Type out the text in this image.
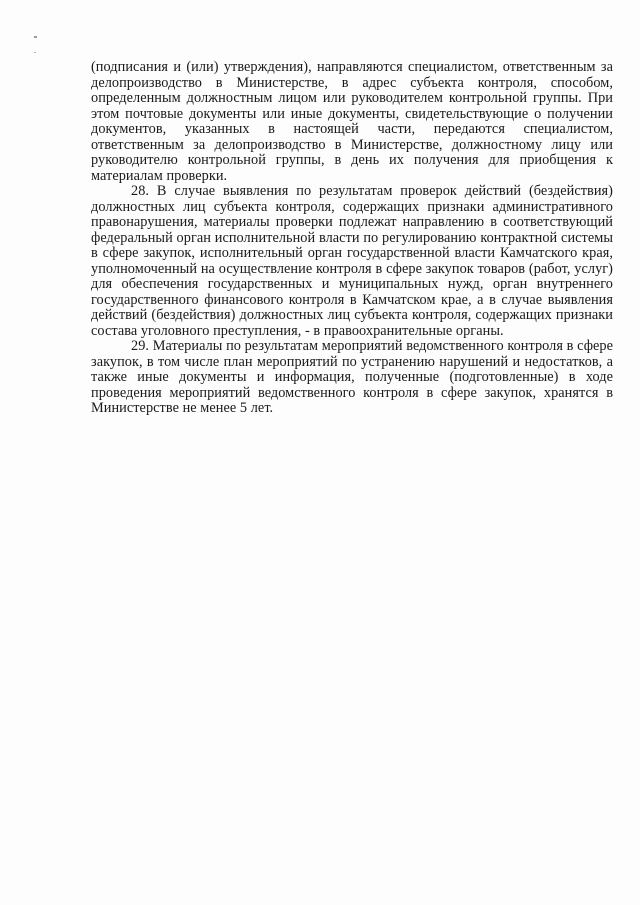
(подписания и (или) утверждения), направляются специалистом, ответственным за делопроизводство в Министерстве, в адрес субъекта контроля, способом, определенным должностным лицом или руководителем контрольной группы. При этом почтовые документы или иные документы, свидетельствующие о получении документов, указанных в настоящей части, передаются специалистом, ответственным за делопроизводство в Министерстве, должностному лицу или руководителю контрольной группы, в день их получения для приобщения к материалам проверки.

28. В случае выявления по результатам проверок действий (бездействия) должностных лиц субъекта контроля, содержащих признаки административного правонарушения, материалы проверки подлежат направлению в соответствующий федеральный орган исполнительной власти по регулированию контрактной системы в сфере закупок, исполнительный орган государственной власти Камчатского края, уполномоченный на осуществление контроля в сфере закупок товаров (работ, услуг) для обеспечения государственных и муниципальных нужд, орган внутреннего государственного финансового контроля в Камчатском крае, а в случае выявления действий (бездействия) должностных лиц субъекта контроля, содержащих признаки состава уголовного преступления, - в правоохранительные органы.

29. Материалы по результатам мероприятий ведомственного контроля в сфере закупок, в том числе план мероприятий по устранению нарушений и недостатков, а также иные документы и информация, полученные (подготовленные) в ходе проведения мероприятий ведомственного контроля в сфере закупок, хранятся в Министерстве не менее 5 лет.
